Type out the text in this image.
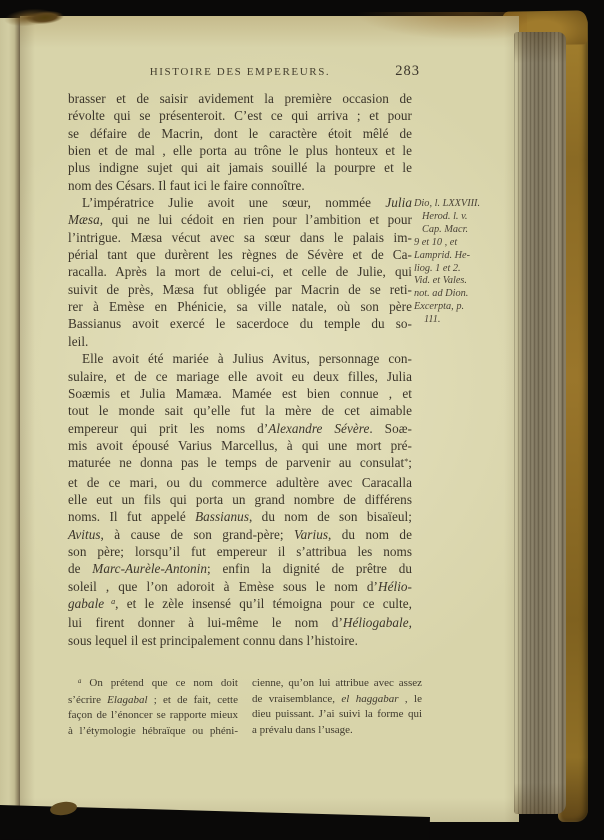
HISTOIRE DES EMPEREURS.	283
brasser et de saisir avidement la première occasion de
révolte qui se présenteroit. C’est ce qui arriva ; et pour
se défaire de Macrin, dont le caractère étoit mêlé de
bien et de mal , elle porta au trône le plus honteux et le
plus indigne sujet qui ait jamais souillé la pourpre et le
nom des Césars. Il faut ici le faire connoître.
L’impératrice Julie avoit une sœur, nommée Julia
Mæsa, qui ne lui cédoit en rien pour l’ambition et pour
l’intrigue. Mæsa vécut avec sa sœur dans le palais im-
périal tant que durèrent les règnes de Sévère et de Ca-
racalla. Après la mort de celui-ci, et celle de Julie, qui
suivit de près, Mæsa fut obligée par Macrin de se reti-
rer à Emèse en Phénicie, sa ville natale, où son père
Bassianus avoit exercé le sacerdoce du temple du so-
leil.
Elle avoit été mariée à Julius Avitus, personnage con-
sulaire, et de ce mariage elle avoit eu deux filles, Julia
Soæmis et Julia Mamæa. Mamée est bien connue , et
tout le monde sait qu’elle fut la mère de cet aimable
empereur qui prit les noms d’Alexandre Sévère. Soæ-
mis avoit épousé Varius Marcellus, à qui une mort pré-
maturée ne donna pas le temps de parvenir au consulat*;
et de ce mari, ou du commerce adultère avec Caracalla
elle eut un fils qui porta un grand nombre de différens
noms. Il fut appelé Bassianus, du nom de son bisaïeul;
Avitus, à cause de son grand-père; Varius, du nom de
son père; lorsqu’il fut empereur il s’attribua les noms
de Marc-Aurèle-Antonin; enfin la dignité de prêtre du
soleil , que l’on adoroit à Emèse sous le nom d’Hélio-
gabale $^a$, et le zèle insensé qu’il témoigna pour ce culte,
lui firent donner à lui-même le nom d’Héliogabale,
sous lequel il est principalement connu dans l’histoire.
Dio, l. LXXVIII.
Herod. l. v.
Cap. Macr.
9 et 10 , et
Lamprid. He-
liog. 1 et 2.
Vid. et Vales.
not. ad Dion.
Excerpta, p.
111.
$^a$ On prétend que ce nom doit
s’écrire Elagabal ; et de fait, cette
façon de l’énoncer se rapporte mieux
à l’étymologie hébraïque ou phéni-
cienne, qu’on lui attribue avec assez
de vraisemblance, el haggabar , le
dieu puissant. J’ai suivi la forme qui
a prévalu dans l’usage.
